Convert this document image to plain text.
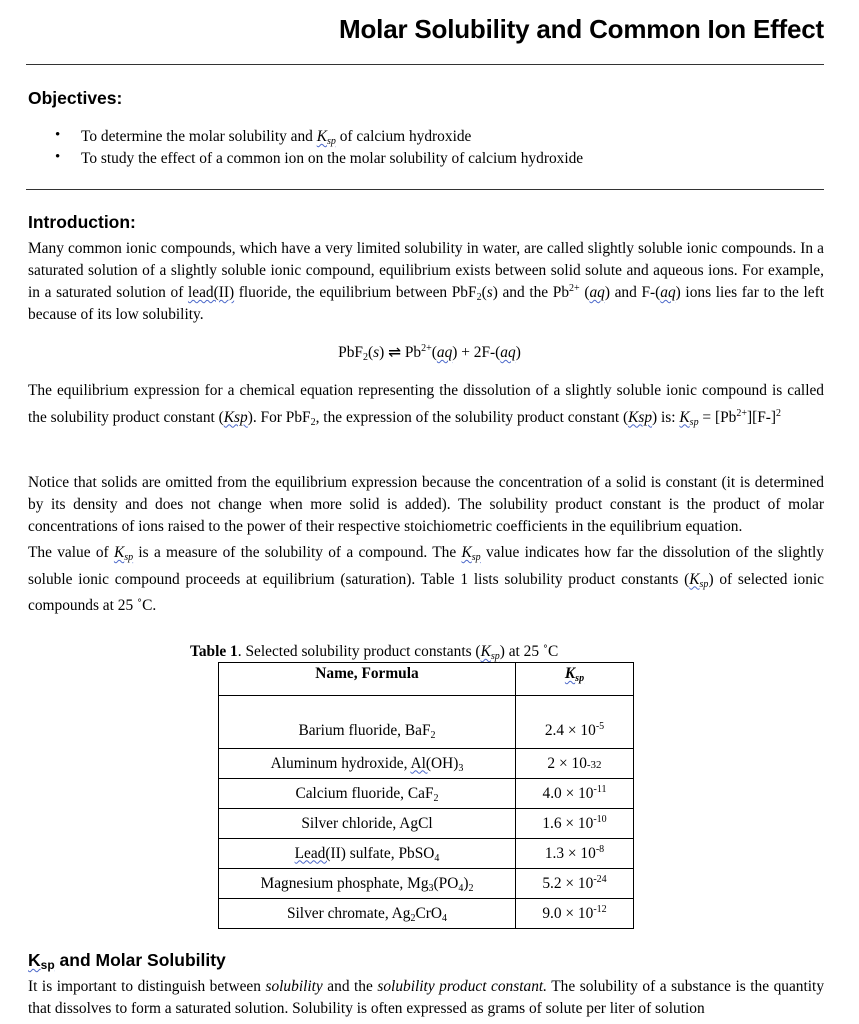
Molar Solubility and Common Ion Effect
Objectives:
• To determine the molar solubility and $K_{sp}$ of calcium hydroxide
• To study the effect of a common ion on the molar solubility of calcium hydroxide
Introduction:
Many common ionic compounds, which have a very limited solubility in water, are called slightly soluble ionic compounds. In a saturated solution of a slightly soluble ionic compound, equilibrium exists between solid solute and aqueous ions. For example, in a saturated solution of lead(II) fluoride, the equilibrium between PbF$_2$(s) and the $Pb^{2+}$ (aq) and F-(aq) ions lies far to the left because of its low solubility.
PbF$_2$(s) ⇌ $Pb^{2+}(aq) + 2F-(aq)$
The equilibrium expression for a chemical equation representing the dissolution of a slightly soluble ionic compound is called the solubility product constant (Ksp). For PbF$_2$, the expression of the solubility product constant (Ksp) is: $K_{sp} = [Pb^{2+}][F-]^2$
Notice that solids are omitted from the equilibrium expression because the concentration of a solid is constant (it is determined by its density and does not change when more solid is added). The solubility product constant is the product of molar concentrations of ions raised to the power of their respective stoichiometric coefficients in the equilibrium equation.
The value of $K_{sp}$ is a measure of the solubility of a compound. The $K_{sp}$ value indicates how far the dissolution of the slightly soluble ionic compound proceeds at equilibrium (saturation). Table 1 lists solubility product constants $(K_{sp})$ of selected ionic compounds at 25 ˚C.
Table 1. Selected solubility product constants $(K_{sp})$ at 25 ˚C
Name, Formula	$K_{sp}$
Barium fluoride, BaF$_2$	$2.4 \times 10^{-5}$
Aluminum hydroxide, $Al(OH)_3$	2 × 10-32
Calcium fluoride, CaF$_2$	$4.0 \times 10^{-11}$
Silver chloride, AgCl	$1.6 \times 10^{-10}$
Lead(II) sulfate, PbSO$_4$	$1.3 \times 10^{-8}$
Magnesium phosphate, $Mg_3(PO_4)_2$	$5.2 \times 10^{-24}$
Silver chromate, $Ag_2CrO_4$	$9.0 \times 10^{-12}$
Ksp and Molar Solubility
It is important to distinguish between solubility and the solubility product constant. The solubility of a substance is the quantity that dissolves to form a saturated solution. Solubility is often expressed as grams of solute per liter of solution
